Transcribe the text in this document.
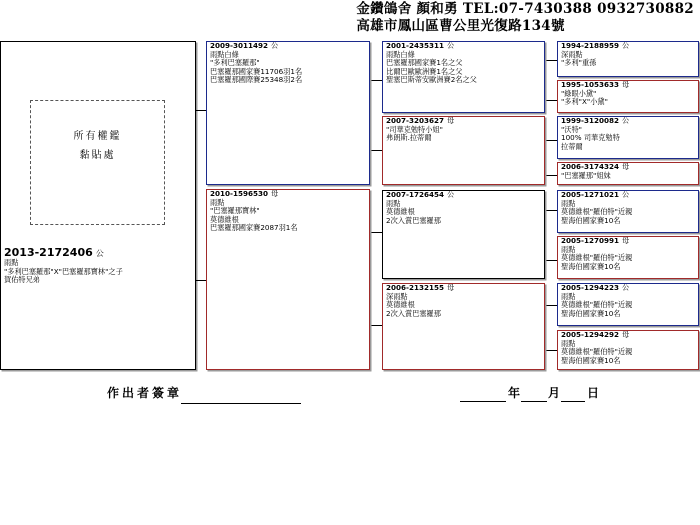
金鑽鴿舍 顏和勇 TEL:07-7430388 0932730882
高雄市鳳山區曹公里光復路134號
所有權鑑
黏貼處
2013-2172406 公
雨點
"多利巴塞羅那"X"巴塞羅那寶林"之子
賀佑特兄弟
2009-3011492 公
雨點白條
"多利巴塞羅那"
巴塞羅那國家賽11706羽1名
巴塞羅那國際賽25348羽2名
2010-1596530 母
雨點
"巴塞羅那寶林"
莫德維根
巴塞羅那國家賽2087羽1名
2001-2435311 公
雨點白條
巴塞羅那國家賽1名之父
比爾巴歐歐洲賽1名之父
聖塞巴斯蒂安歐洲賽2名之父
2007-3203627 母
"司華克勉特小姐"
弗朗斯.拉蒂爾
2007-1726454 公
雨點
莫德維根
2次入賞巴塞羅那
2006-2132155 母
深雨點
莫德維根
2次入賞巴塞羅那
1994-2188959 公
深雨點
"多利"重孫
1995-1053633 母
"綠眼小黛"
"多利"X"小黛"
1999-3120082 公
"沃特"
100% 司華克勉特
拉蒂爾
2006-3174324 母
"巴塞羅那"姐妹
2005-1271021 公
雨點
莫德維根"羅伯特"近親
聖海伯國家賽10名
2005-1270991 母
雨點
莫德維根"羅伯特"近親
聖海伯國家賽10名
2005-1294223 公
雨點
莫德維根"羅伯特"近親
聖海伯國家賽10名
2005-1294292 母
雨點
莫德維根"羅伯特"近親
聖海伯國家賽10名
作出者簽章	年 月 日
